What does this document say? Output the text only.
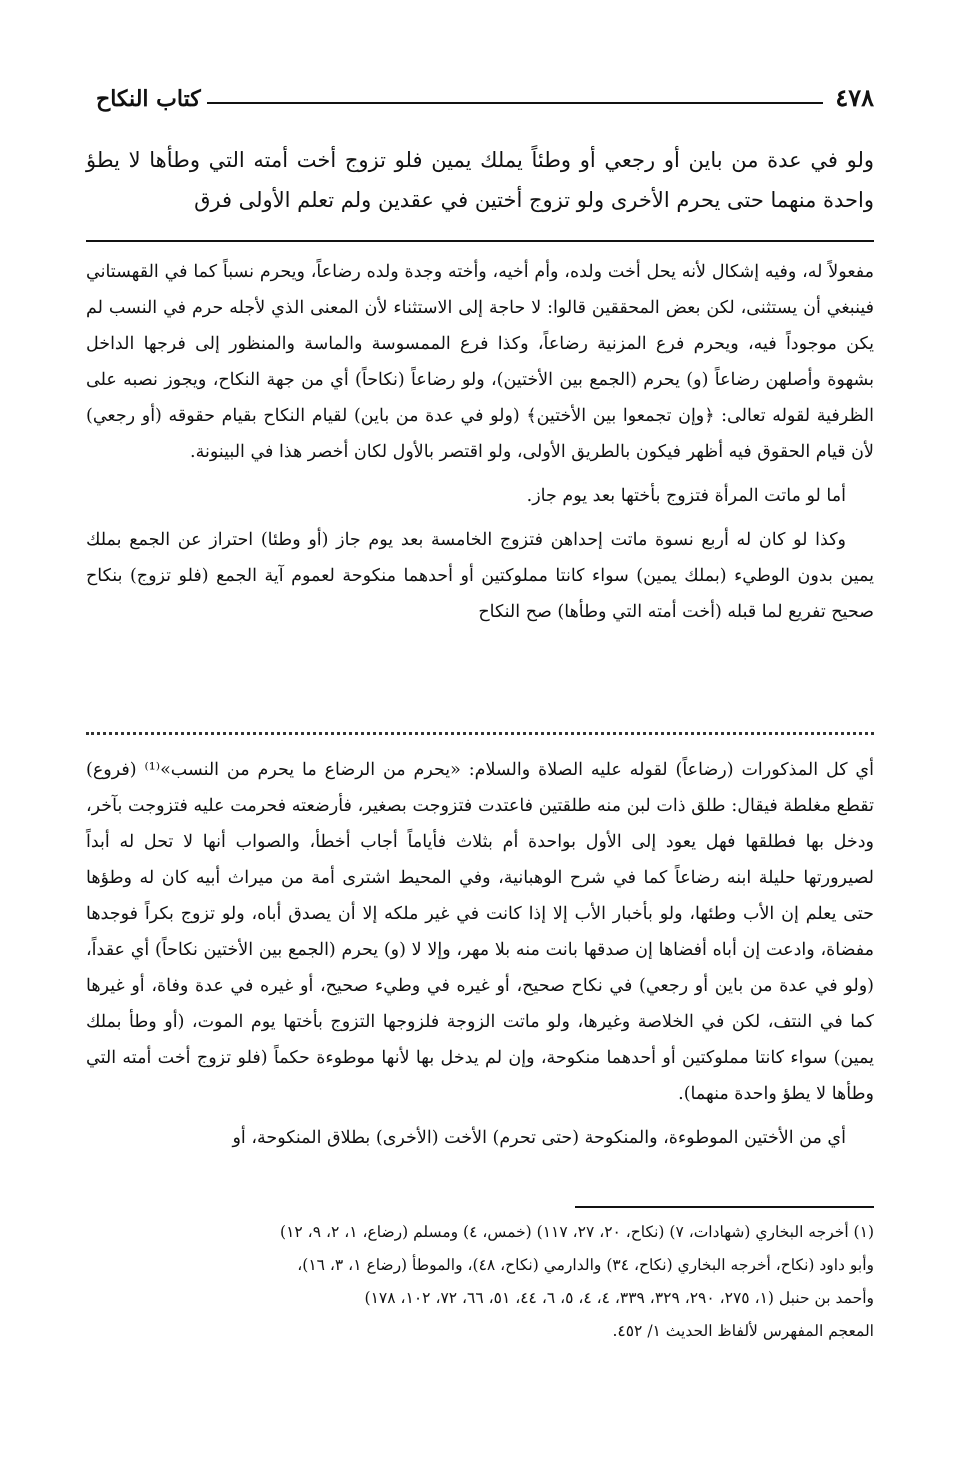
٤٧٨
كتاب النكاح

ولو في عدة من باين أو رجعي أو وطئاً يملك يمين فلو تزوج أخت أمته التي وطأها لا يطؤ واحدة منهما حتى يحرم الأخرى ولو تزوج أختين في عقدين ولم تعلم الأولى فرق

مفعولاً له، وفيه إشكال لأنه يحل أخت ولده، وأم أخيه، وأخته وجدة ولده رضاعاً، ويحرم نسباً كما في القهستاني فينبغي أن يستثنى، لكن بعض المحققين قالوا: لا حاجة إلى الاستثناء لأن المعنى الذي لأجله حرم في النسب لم يكن موجوداً فيه، ويحرم فرع المزنية رضاعاً، وكذا فرع الممسوسة والماسة والمنظور إلى فرجها الداخل بشهوة وأصلهن رضاعاً (و) يحرم (الجمع بين الأختين)، ولو رضاعاً (نكاحاً) أي من جهة النكاح، ويجوز نصبه على الظرفية لقوله تعالى: ﴿وإن تجمعوا بين الأختين﴾ (ولو في عدة من باين) لقيام النكاح بقيام حقوقه (أو رجعي) لأن قيام الحقوق فيه أظهر فيكون بالطريق الأولى، ولو اقتصر بالأول لكان أخصر هذا في البينونة.

أما لو ماتت المرأة فتزوج بأختها بعد يوم جاز.

وكذا لو كان له أربع نسوة ماتت إحداهن فتزوج الخامسة بعد يوم جاز (أو وطئا) احتراز عن الجمع بملك يمين بدون الوطيء (بملك يمين) سواء كانتا مملوكتين أو أحدهما منكوحة لعموم آية الجمع (فلو تزوج) بنكاح صحيح تفريع لما قبله (أخت أمته التي وطأها) صح النكاح

أي كل المذكورات (رضاعاً) لقوله عليه الصلاة والسلام: «يحرم من الرضاع ما يحرم من النسب»⁽¹⁾ (فروع) تقطع مغلطة فيقال: طلق ذات لبن منه طلقتين فاعتدت فتزوجت بصغير، فأرضعته فحرمت عليه فتزوجت بآخر، ودخل بها فطلقها فهل يعود إلى الأول بواحدة أم بثلاث فأياماً أجاب أخطأ، والصواب أنها لا تحل له أبداً لصيرورتها حليلة ابنه رضاعاً كما في شرح الوهبانية، وفي المحيط اشترى أمة من ميراث أبيه كان له وطؤها حتى يعلم إن الأب وطئها، ولو بأخبار الأب إلا إذا كانت في غير ملكه إلا أن يصدق أباه، ولو تزوج بكراً فوجدها مفضاة، وادعت إن أباه أفضاها إن صدقها بانت منه بلا مهر، وإلا لا (و) يحرم (الجمع بين الأختين نكاحاً) أي عقداً، (ولو في عدة من باين أو رجعي) في نكاح صحيح، أو غيره في وطيء صحيح، أو غيره في عدة وفاة، أو غيرها كما في النتف، لكن في الخلاصة وغيرها، ولو ماتت الزوجة فلزوجها التزوج بأختها يوم الموت، (أو وطأ بملك يمين) سواء كانتا مملوكتين أو أحدهما منكوحة، وإن لم يدخل بها لأنها موطوءة حكماً (فلو تزوج أخت أمته التي وطأها لا يطؤ واحدة منهما).

أي من الأختين الموطوءة، والمنكوحة (حتى تحرم) الأخت (الأخرى) بطلاق المنكوحة، أو

(١) أخرجه البخاري (شهادات، ٧) (نكاح، ٢٠، ٢٧، ١١٧) (خمس، ٤) ومسلم (رضاع، ١، ٢، ٩، ١٢)

وأبو داود (نكاح، أخرجه البخاري (نكاح، ٣٤) والدارمي (نكاح، ٤٨)، والموطأ (رضاع ١، ٣، ١٦)،

وأحمد بن حنبل (١، ٢٧٥، ٢٩٠، ٣٢٩، ٣٣٩، ٤، ٤، ٥، ٦، ٤٤، ٥١، ٦٦، ٧٢، ١٠٢، ١٧٨)

المعجم المفهرس لألفاظ الحديث ١/ ٤٥٢.
